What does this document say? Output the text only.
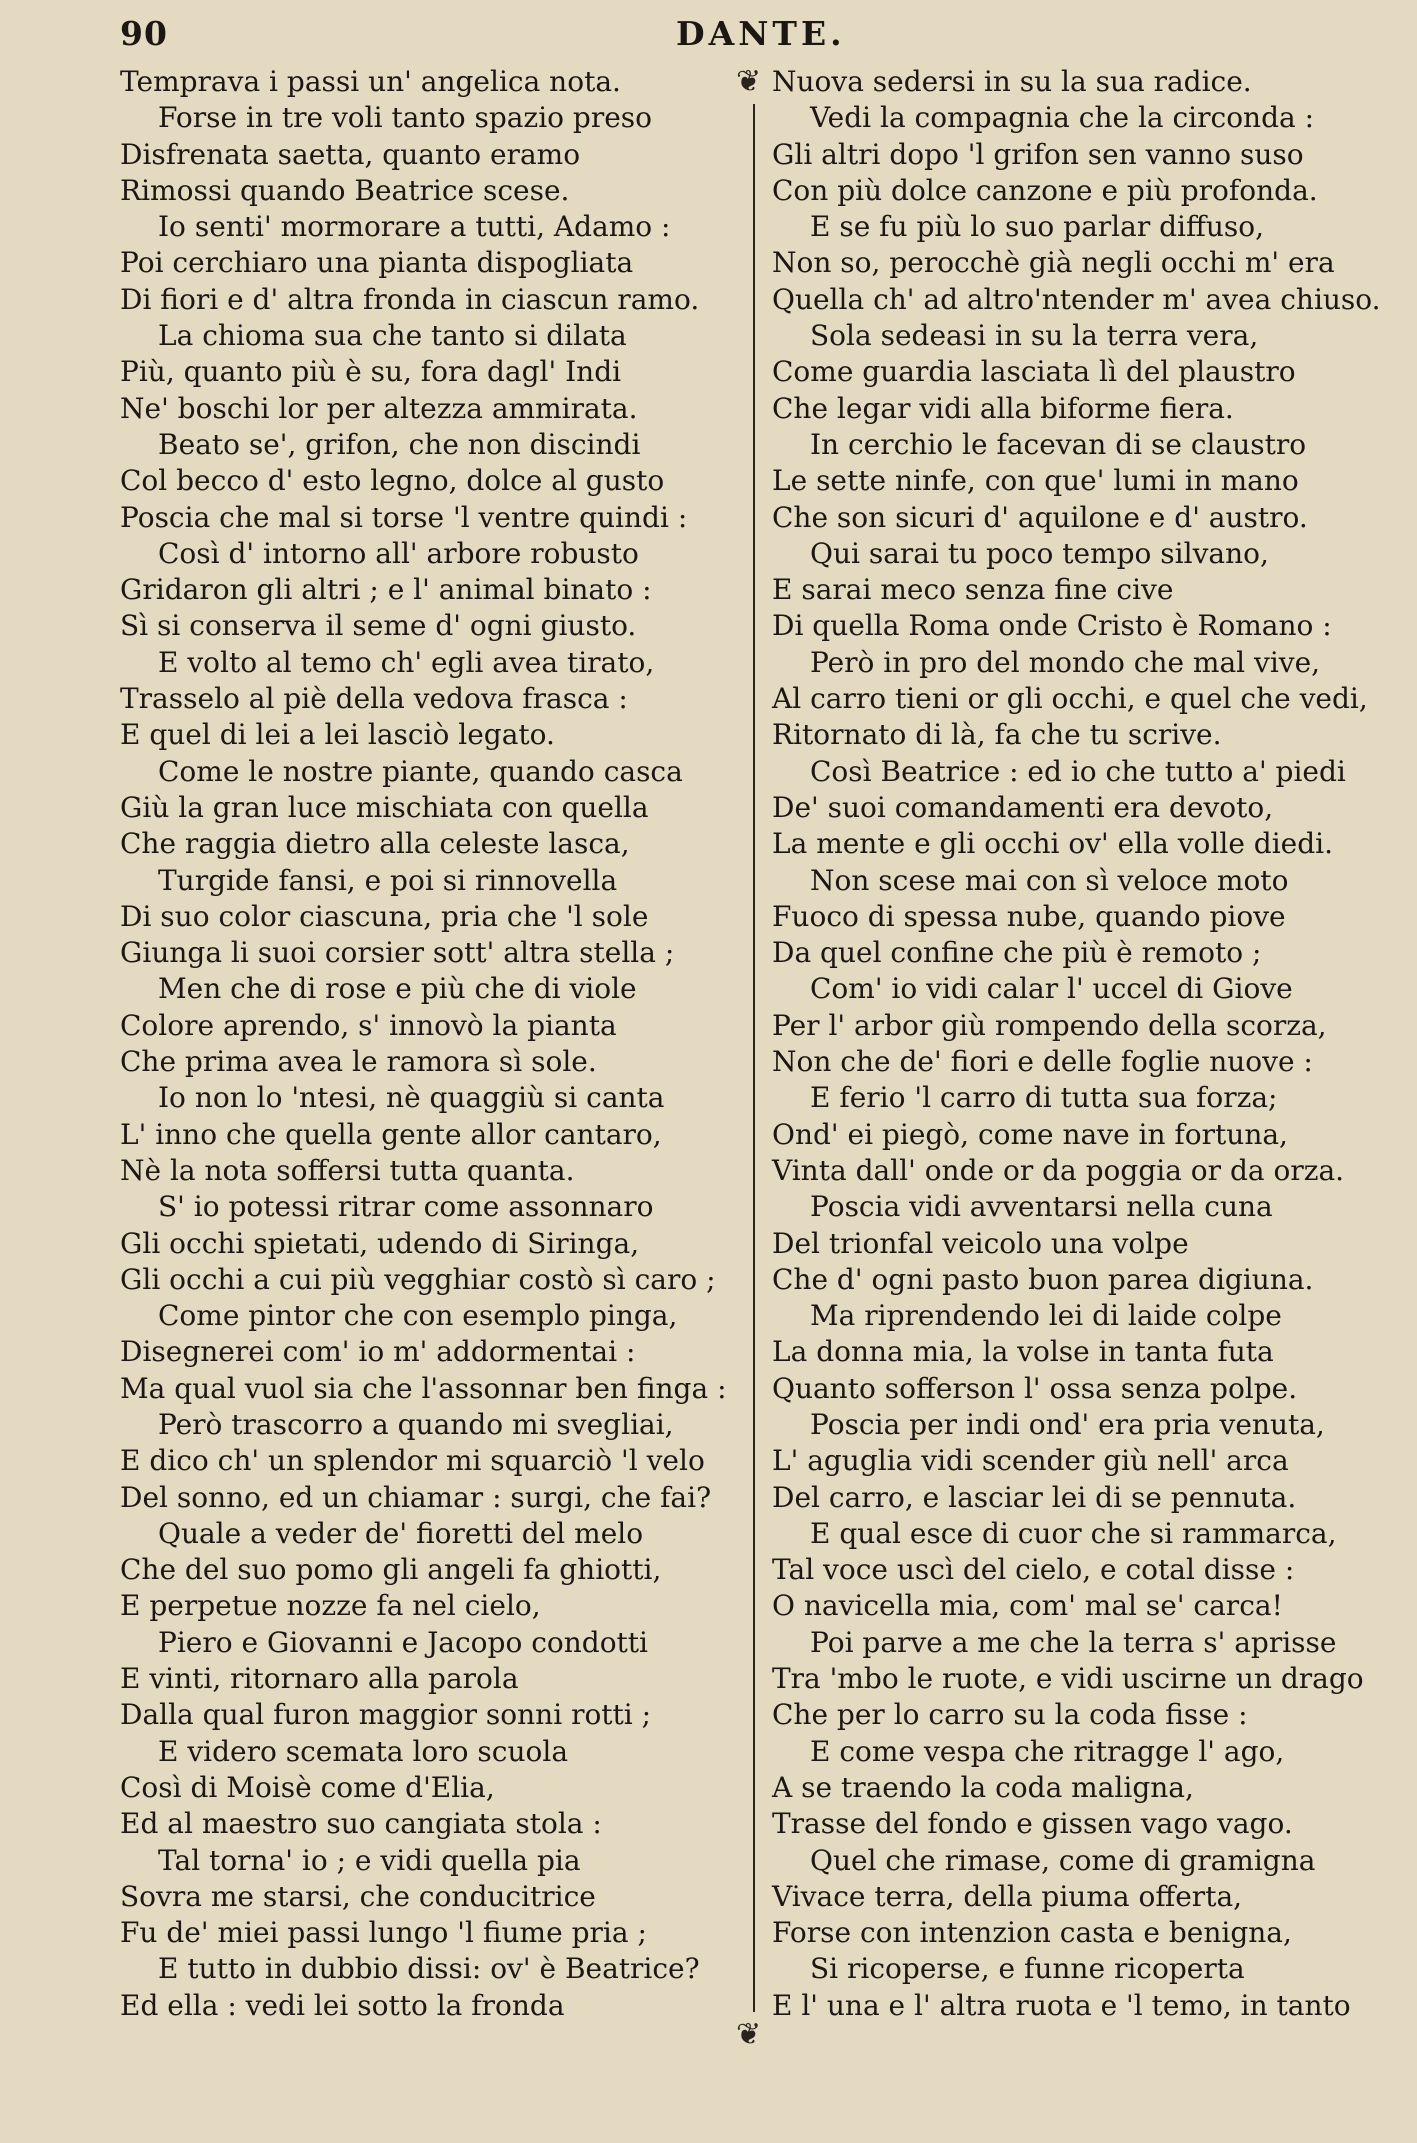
90	DANTE.
Temprava i passi un' angelica nota.
Forse in tre voli tanto spazio preso
Disfrenata saetta, quanto eramo
Rimossi quando Beatrice scese.
Io senti' mormorare a tutti, Adamo :
Poi cerchiaro una pianta dispogliata
Di fiori e d' altra fronda in ciascun ramo.
La chioma sua che tanto si dilata
Più, quanto più è su, fora dagl' Indi
Ne' boschi lor per altezza ammirata.
Beato se', grifon, che non discindi
Col becco d' esto legno, dolce al gusto
Poscia che mal si torse 'l ventre quindi :
Così d' intorno all' arbore robusto
Gridaron gli altri ; e l' animal binato :
Sì si conserva il seme d' ogni giusto.
E volto al temo ch' egli avea tirato,
Trasselo al piè della vedova frasca :
E quel di lei a lei lasciò legato.
Come le nostre piante, quando casca
Giù la gran luce mischiata con quella
Che raggia dietro alla celeste lasca,
Turgide fansi, e poi si rinnovella
Di suo color ciascuna, pria che 'l sole
Giunga li suoi corsier sott' altra stella ;
Men che di rose e più che di viole
Colore aprendo, s' innovò la pianta
Che prima avea le ramora sì sole.
Io non lo 'ntesi, nè quaggiù si canta
L' inno che quella gente allor cantaro,
Nè la nota soffersi tutta quanta.
S' io potessi ritrar come assonnaro
Gli occhi spietati, udendo di Siringa,
Gli occhi a cui più vegghiar costò sì caro ;
Come pintor che con esemplo pinga,
Disegnerei com' io m' addormentai :
Ma qual vuol sia che l'assonnar ben finga :
Però trascorro a quando mi svegliai,
E dico ch' un splendor mi squarciò 'l velo
Del sonno, ed un chiamar : surgi, che fai?
Quale a veder de' fioretti del melo
Che del suo pomo gli angeli fa ghiotti,
E perpetue nozze fa nel cielo,
Piero e Giovanni e Jacopo condotti
E vinti, ritornaro alla parola
Dalla qual furon maggior sonni rotti ;
E videro scemata loro scuola
Così di Moisè come d'Elia,
Ed al maestro suo cangiata stola :
Tal torna' io ; e vidi quella pia
Sovra me starsi, che conducitrice
Fu de' miei passi lungo 'l fiume pria ;
E tutto in dubbio dissi: ov' è Beatrice?
Ed ella : vedi lei sotto la fronda
❦
❦
Nuova sedersi in su la sua radice.
Vedi la compagnia che la circonda :
Gli altri dopo 'l grifon sen vanno suso
Con più dolce canzone e più profonda.
E se fu più lo suo parlar diffuso,
Non so, perocchè già negli occhi m' era
Quella ch' ad altro'ntender m' avea chiuso.
Sola sedeasi in su la terra vera,
Come guardia lasciata lì del plaustro
Che legar vidi alla biforme fiera.
In cerchio le facevan di se claustro
Le sette ninfe, con que' lumi in mano
Che son sicuri d' aquilone e d' austro.
Qui sarai tu poco tempo silvano,
E sarai meco senza fine cive
Di quella Roma onde Cristo è Romano :
Però in pro del mondo che mal vive,
Al carro tieni or gli occhi, e quel che vedi,
Ritornato di là, fa che tu scrive.
Così Beatrice : ed io che tutto a' piedi
De' suoi comandamenti era devoto,
La mente e gli occhi ov' ella volle diedi.
Non scese mai con sì veloce moto
Fuoco di spessa nube, quando piove
Da quel confine che più è remoto ;
Com' io vidi calar l' uccel di Giove
Per l' arbor giù rompendo della scorza,
Non che de' fiori e delle foglie nuove :
E ferio 'l carro di tutta sua forza;
Ond' ei piegò, come nave in fortuna,
Vinta dall' onde or da poggia or da orza.
Poscia vidi avventarsi nella cuna
Del trionfal veicolo una volpe
Che d' ogni pasto buon parea digiuna.
Ma riprendendo lei di laide colpe
La donna mia, la volse in tanta futa
Quanto sofferson l' ossa senza polpe.
Poscia per indi ond' era pria venuta,
L' aguglia vidi scender giù nell' arca
Del carro, e lasciar lei di se pennuta.
E qual esce di cuor che si rammarca,
Tal voce uscì del cielo, e cotal disse :
O navicella mia, com' mal se' carca!
Poi parve a me che la terra s' aprisse
Tra 'mbo le ruote, e vidi uscirne un drago
Che per lo carro su la coda fisse :
E come vespa che ritragge l' ago,
A se traendo la coda maligna,
Trasse del fondo e gissen vago vago.
Quel che rimase, come di gramigna
Vivace terra, della piuma offerta,
Forse con intenzion casta e benigna,
Si ricoperse, e funne ricoperta
E l' una e l' altra ruota e 'l temo, in tanto
